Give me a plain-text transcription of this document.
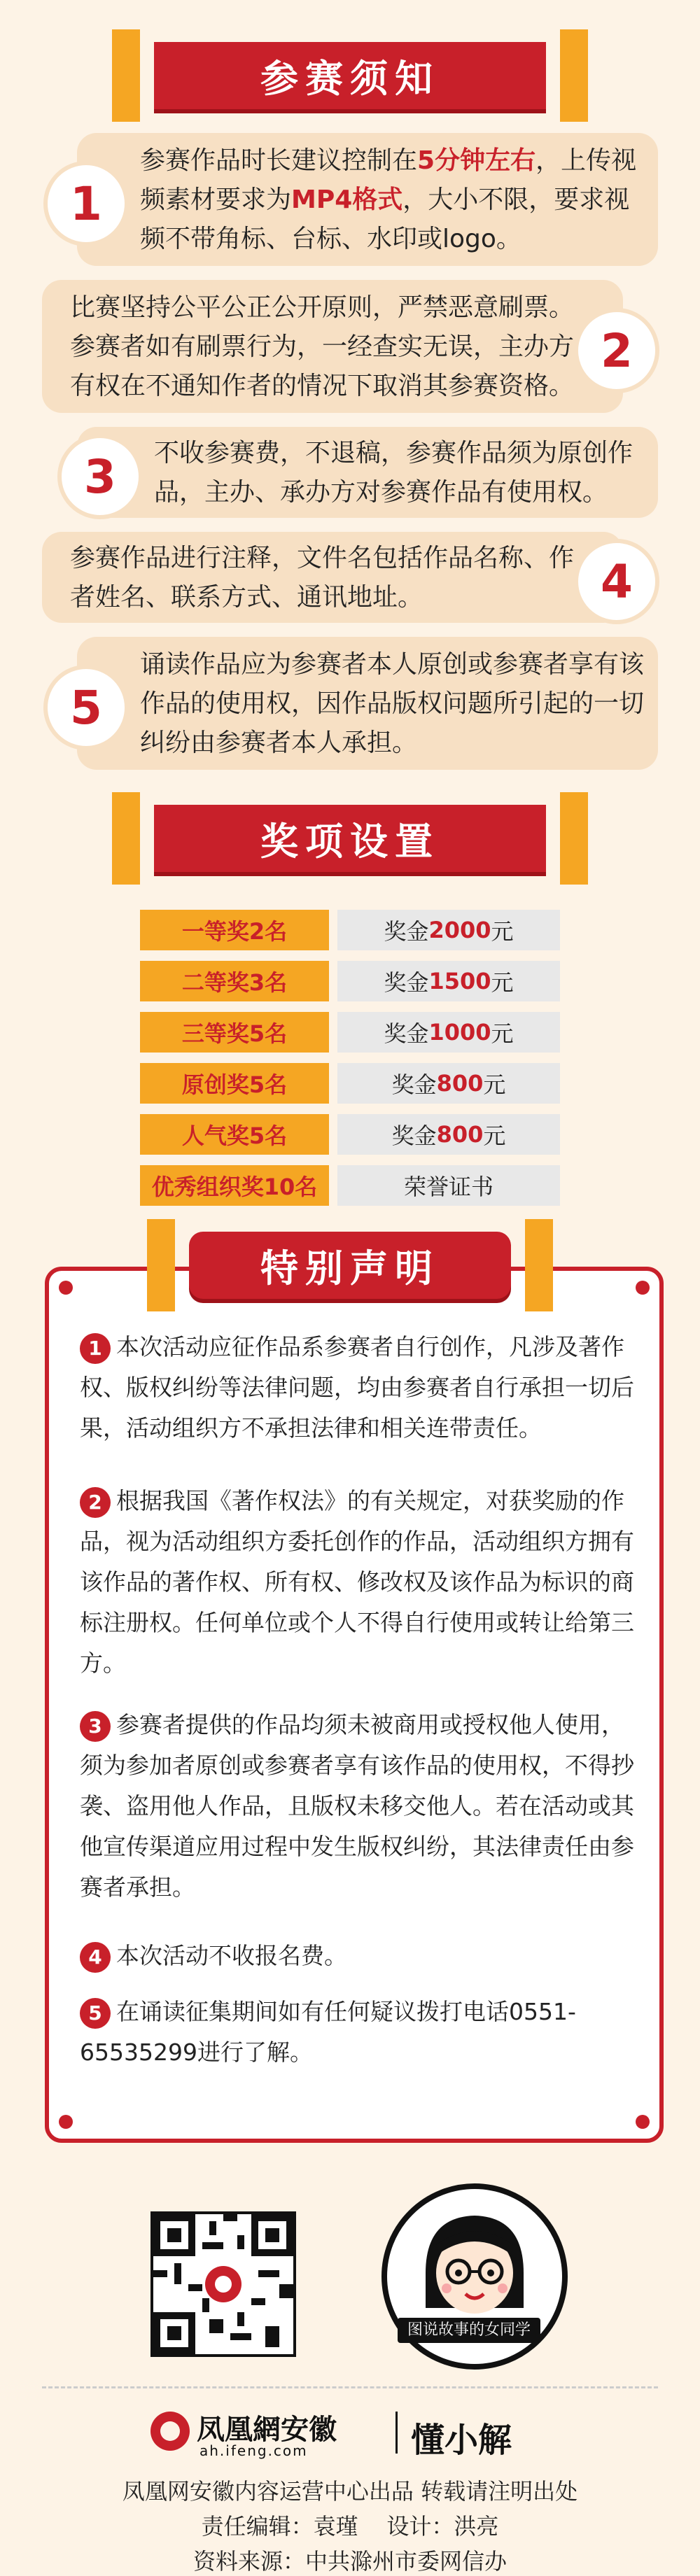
参赛须知
参赛作品时长建议控制在5分钟左右，上传视频素材要求为MP4格式，大小不限，要求视频不带角标、台标、水印或logo。
1
比赛坚持公平公正公开原则，严禁恶意刷票。参赛者如有刷票行为，一经查实无误，主办方有权在不通知作者的情况下取消其参赛资格。
2
不收参赛费，不退稿，参赛作品须为原创作品，主办、承办方对参赛作品有使用权。
3
参赛作品进行注释，文件名包括作品名称、作者姓名、联系方式、通讯地址。	4
诵读作品应为参赛者本人原创或参赛者享有该作品的使用权，因作品版权问题所引起的一切纠纷由参赛者本人承担。
5
奖项设置
一等奖2名	奖金 2000 元
二等奖3名	奖金 1500 元
三等奖5名	奖金 1000 元
原创奖5名	奖金 800 元
人气奖5名	奖金 800 元
优秀组织奖10名	荣誉证书
1 本次活动应征作品系参赛者自行创作，凡涉及著作权、版权纠纷等法律问题，均由参赛者自行承担一切后果，活动组织方不承担法律和相关连带责任。
2 根据我国《著作权法》的有关规定，对获奖励的作品，视为活动组织方委托创作的作品，活动组织方拥有该作品的著作权、所有权、修改权及该作品为标识的商标注册权。任何单位或个人不得自行使用或转让给第三方。
3 参赛者提供的作品均须未被商用或授权他人使用，须为参加者原创或参赛者享有该作品的使用权，不得抄袭、盗用他人作品，且版权未移交他人。若在活动或其他宣传渠道应用过程中发生版权纠纷，其法律责任由参赛者承担。
4 本次活动不收报名费。
5 在诵读征集期间如有任何疑议拨打电话0551-65535299进行了解。
特别声明
图说故事的女同学
凤凰網安徽
ah.ifeng.com	懂小解
凤凰网安徽内容运营中心出品 转载请注明出处
责任编辑：袁瑾    设计：洪亮
资料来源：中共滁州市委网信办
